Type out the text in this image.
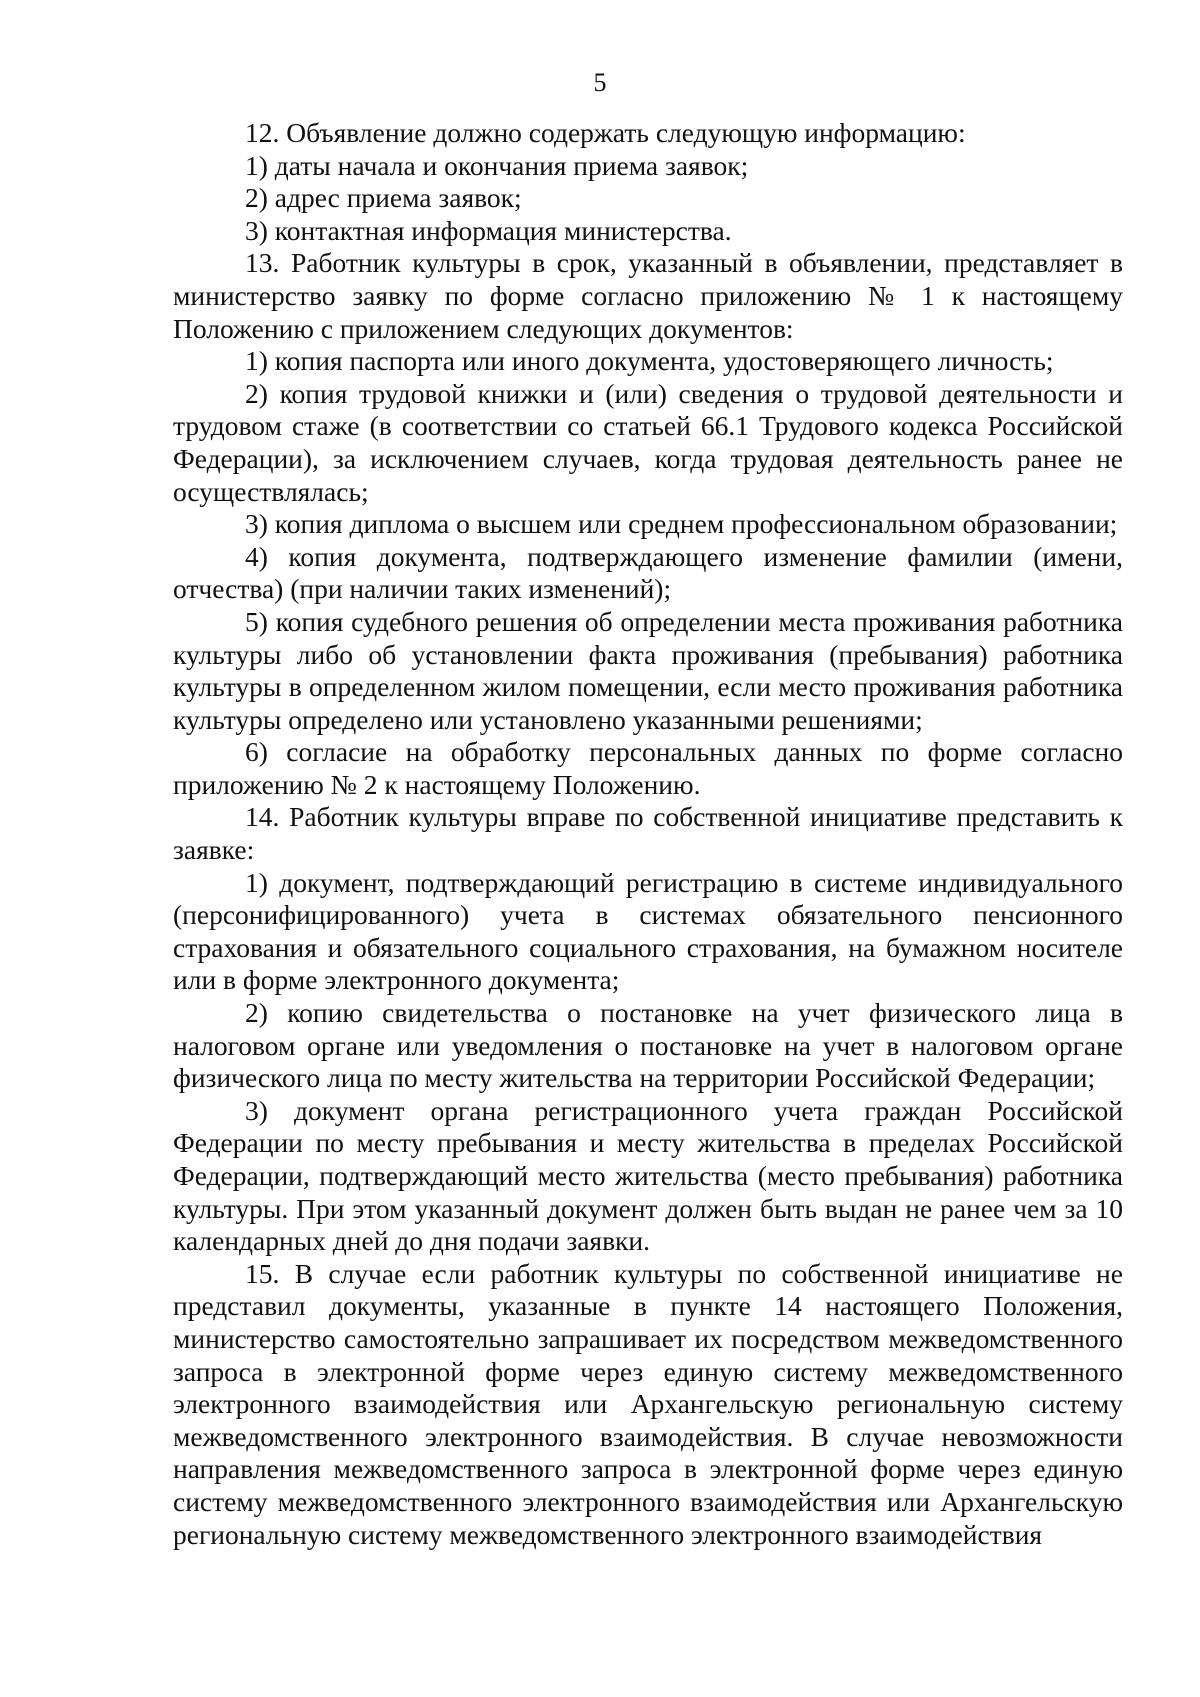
5

12. Объявление должно содержать следующую информацию:

1) даты начала и окончания приема заявок;

2) адрес приема заявок;

3) контактная информация министерства.

13. Работник культуры в срок, указанный в объявлении, представляет в министерство заявку по форме согласно приложению № 1 к настоящему Положению с приложением следующих документов:

1) копия паспорта или иного документа, удостоверяющего личность;

2) копия трудовой книжки и (или) сведения о трудовой деятельности и трудовом стаже (в соответствии со статьей 66.1 Трудового кодекса Российской Федерации), за исключением случаев, когда трудовая деятельность ранее не осуществлялась;

3) копия диплома о высшем или среднем профессиональном образовании;

4) копия документа, подтверждающего изменение фамилии (имени, отчества) (при наличии таких изменений);

5) копия судебного решения об определении места проживания работника культуры либо об установлении факта проживания (пребывания) работника культуры в определенном жилом помещении, если место проживания работника культуры определено или установлено указанными решениями;

6) согласие на обработку персональных данных по форме согласно приложению № 2 к настоящему Положению.

14. Работник культуры вправе по собственной инициативе представить к заявке:

1) документ, подтверждающий регистрацию в системе индивидуального (персонифицированного) учета в системах обязательного пенсионного страхования и обязательного социального страхования, на бумажном носителе или в форме электронного документа;

2) копию свидетельства о постановке на учет физического лица в налоговом органе или уведомления о постановке на учет в налоговом органе физического лица по месту жительства на территории Российской Федерации;

3) документ органа регистрационного учета граждан Российской Федерации по месту пребывания и месту жительства в пределах Российской Федерации, подтверждающий место жительства (место пребывания) работника культуры. При этом указанный документ должен быть выдан не ранее чем за 10 календарных дней до дня подачи заявки.

15. В случае если работник культуры по собственной инициативе не представил документы, указанные в пункте 14 настоящего Положения, министерство самостоятельно запрашивает их посредством межведомственного запроса в электронной форме через единую систему межведомственного электронного взаимодействия или Архангельскую региональную систему межведомственного электронного взаимодействия. В случае невозможности направления межведомственного запроса в электронной форме через единую систему межведомственного электронного взаимодействия или Архангельскую региональную систему межведомственного электронного взаимодействия
